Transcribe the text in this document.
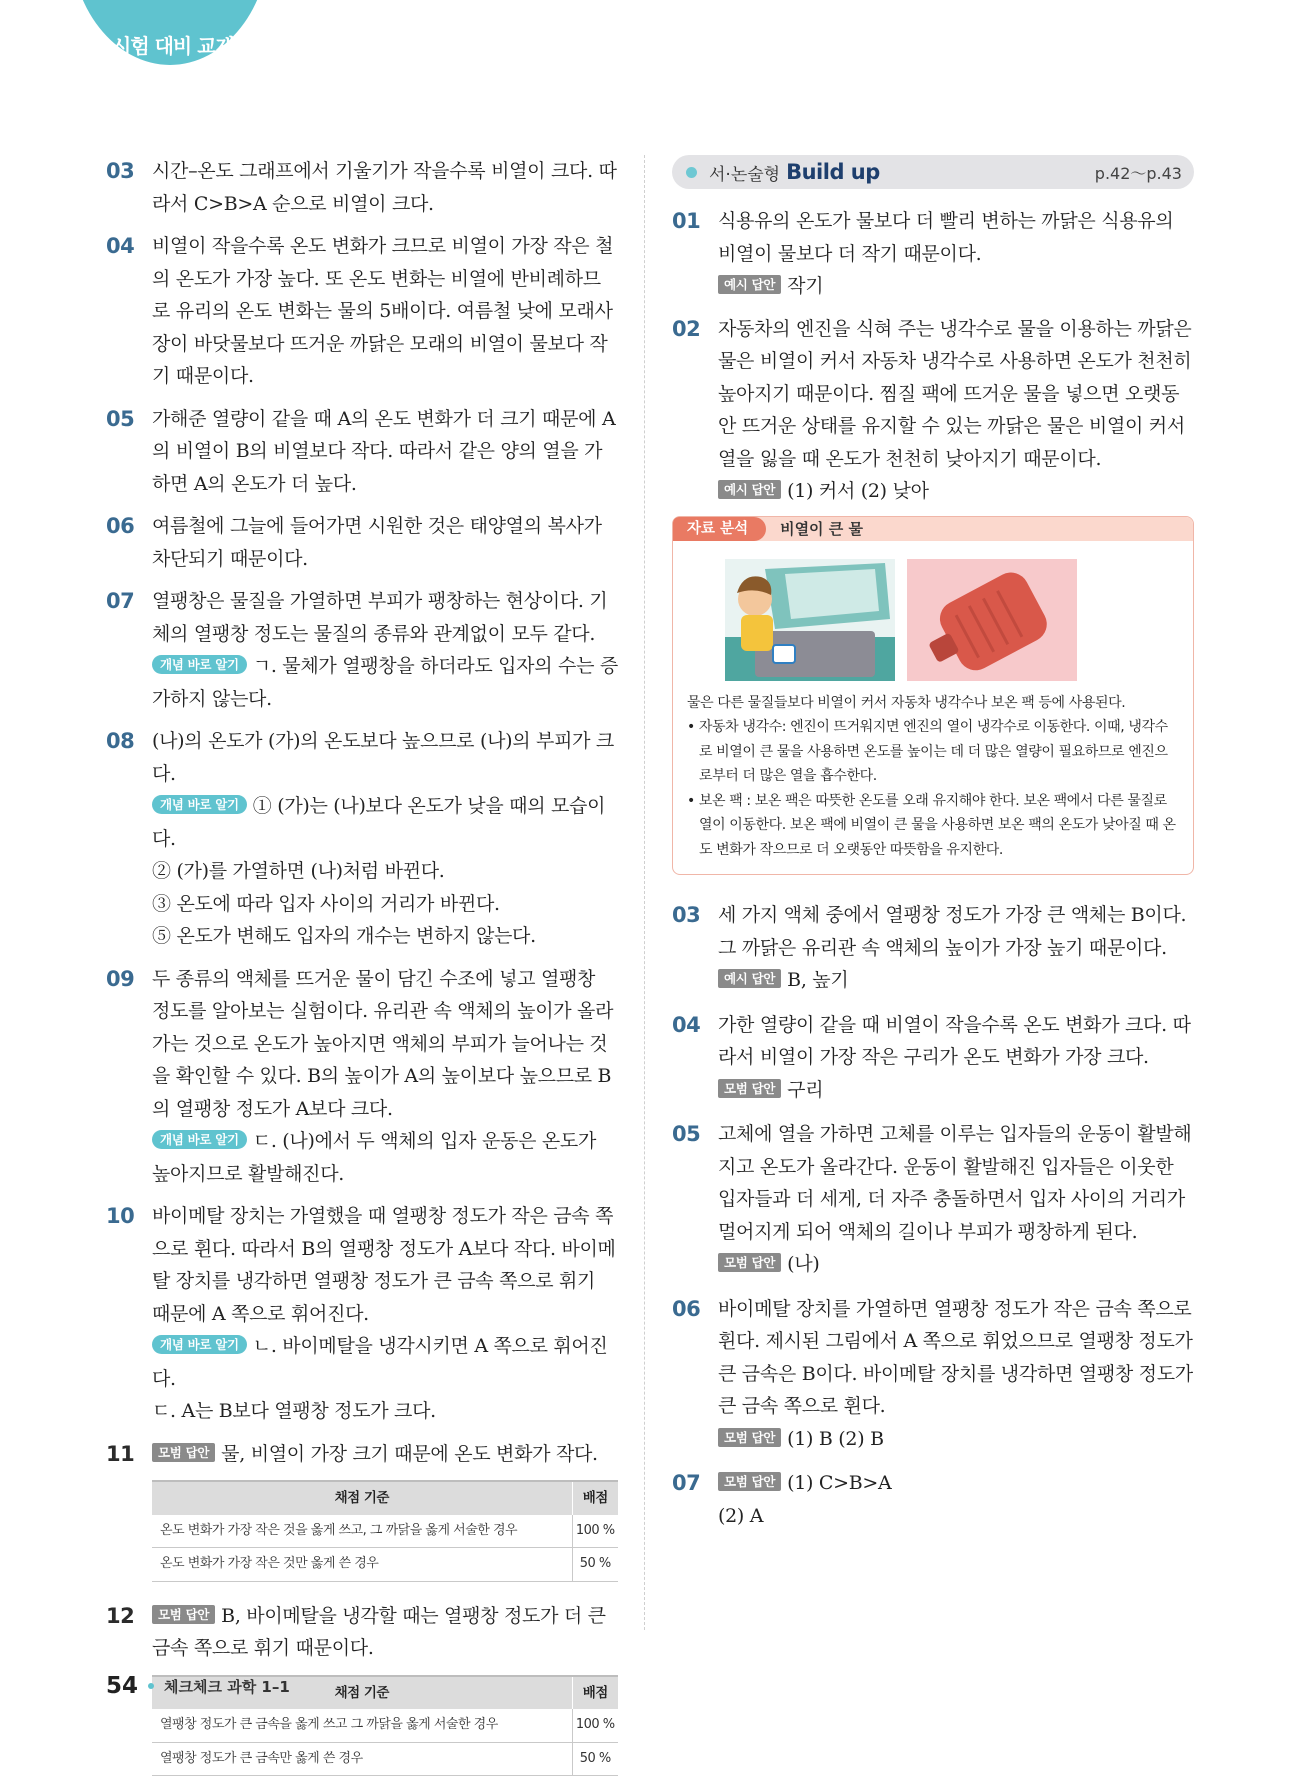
시험 대비 교재
03 시간–온도 그래프에서 기울기가 작을수록 비열이 크다. 따라서 C>B>A 순으로 비열이 크다.

04 비열이 작을수록 온도 변화가 크므로 비열이 가장 작은 철의 온도가 가장 높다. 또 온도 변화는 비열에 반비례하므로 유리의 온도 변화는 물의 5배이다. 여름철 낮에 모래사장이 바닷물보다 뜨거운 까닭은 모래의 비열이 물보다 작기 때문이다.

05 가해준 열량이 같을 때 A의 온도 변화가 더 크기 때문에 A의 비열이 B의 비열보다 작다. 따라서 같은 양의 열을 가하면 A의 온도가 더 높다.

06 여름철에 그늘에 들어가면 시원한 것은 태양열의 복사가 차단되기 때문이다.

07 열팽창은 물질을 가열하면 부피가 팽창하는 현상이다. 기체의 열팽창 정도는 물질의 종류와 관계없이 모두 같다.

개념 바로 알기 ㄱ. 물체가 열팽창을 하더라도 입자의 수는 증가하지 않는다.

08 (나)의 온도가 (가)의 온도보다 높으므로 (나)의 부피가 크다.

개념 바로 알기 ① (가)는 (나)보다 온도가 낮을 때의 모습이다.

② (가)를 가열하면 (나)처럼 바뀐다.

③ 온도에 따라 입자 사이의 거리가 바뀐다.

⑤ 온도가 변해도 입자의 개수는 변하지 않는다.

09 두 종류의 액체를 뜨거운 물이 담긴 수조에 넣고 열팽창 정도를 알아보는 실험이다. 유리관 속 액체의 높이가 올라가는 것으로 온도가 높아지면 액체의 부피가 늘어나는 것을 확인할 수 있다. B의 높이가 A의 높이보다 높으므로 B의 열팽창 정도가 A보다 크다.

개념 바로 알기 ㄷ. (나)에서 두 액체의 입자 운동은 온도가 높아지므로 활발해진다.

10 바이메탈 장치는 가열했을 때 열팽창 정도가 작은 금속 쪽으로 휜다. 따라서 B의 열팽창 정도가 A보다 작다. 바이메탈 장치를 냉각하면 열팽창 정도가 큰 금속 쪽으로 휘기 때문에 A 쪽으로 휘어진다.

개념 바로 알기 ㄴ. 바이메탈을 냉각시키면 A 쪽으로 휘어진다.

ㄷ. A는 B보다 열팽창 정도가 크다.

11	모범 답안 물, 비열이 가장 크기 때문에 온도 변화가 작다.

채점 기준	배점
온도 변화가 가장 작은 것을 옳게 쓰고, 그 까닭을 옳게 서술한 경우	100 %
온도 변화가 가장 작은 것만 옳게 쓴 경우	50 %
12	모범 답안 B, 바이메탈을 냉각할 때는 열팽창 정도가 더 큰 금속 쪽으로 휘기 때문이다.

채점 기준	배점
열팽창 정도가 큰 금속을 옳게 쓰고 그 까닭을 옳게 서술한 경우	100 %
열팽창 정도가 큰 금속만 옳게 쓴 경우	50 %
서·논술형 Build up	p.42～p.43
01 식용유의 온도가 물보다 더 빨리 변하는 까닭은 식용유의 비열이 물보다 더 작기 때문이다.

예시 답안 작기

02 자동차의 엔진을 식혀 주는 냉각수로 물을 이용하는 까닭은 물은 비열이 커서 자동차 냉각수로 사용하면 온도가 천천히 높아지기 때문이다. 찜질 팩에 뜨거운 물을 넣으면 오랫동안 뜨거운 상태를 유지할 수 있는 까닭은 물은 비열이 커서 열을 잃을 때 온도가 천천히 낮아지기 때문이다.

예시 답안 (1) 커서 (2) 낮아

자료 분석	비열이 큰 물

물은 다른 물질들보다 비열이 커서 자동차 냉각수나 보온 팩 등에 사용된다.

• 자동차 냉각수: 엔진이 뜨거워지면 엔진의 열이 냉각수로 이동한다. 이때, 냉각수로 비열이 큰 물을 사용하면 온도를 높이는 데 더 많은 열량이 필요하므로 엔진으로부터 더 많은 열을 흡수한다.

• 보온 팩 : 보온 팩은 따뜻한 온도를 오래 유지해야 한다. 보온 팩에서 다른 물질로 열이 이동한다. 보온 팩에 비열이 큰 물을 사용하면 보온 팩의 온도가 낮아질 때 온도 변화가 작으므로 더 오랫동안 따뜻함을 유지한다.

03 세 가지 액체 중에서 열팽창 정도가 가장 큰 액체는 B이다. 그 까닭은 유리관 속 액체의 높이가 가장 높기 때문이다.

예시 답안 B, 높기

04 가한 열량이 같을 때 비열이 작을수록 온도 변화가 크다. 따라서 비열이 가장 작은 구리가 온도 변화가 가장 크다.

모범 답안 구리

05 고체에 열을 가하면 고체를 이루는 입자들의 운동이 활발해지고 온도가 올라간다. 운동이 활발해진 입자들은 이웃한 입자들과 더 세게, 더 자주 충돌하면서 입자 사이의 거리가 멀어지게 되어 액체의 길이나 부피가 팽창하게 된다.

모범 답안 (나)

06 바이메탈 장치를 가열하면 열팽창 정도가 작은 금속 쪽으로 휜다. 제시된 그림에서 A 쪽으로 휘었으므로 열팽창 정도가 큰 금속은 B이다. 바이메탈 장치를 냉각하면 열팽창 정도가 큰 금속 쪽으로 휜다.

모범 답안 (1) B (2) B

07	모범 답안 (1) C>B>A

(2) A

54 체크체크 과학 1–1
